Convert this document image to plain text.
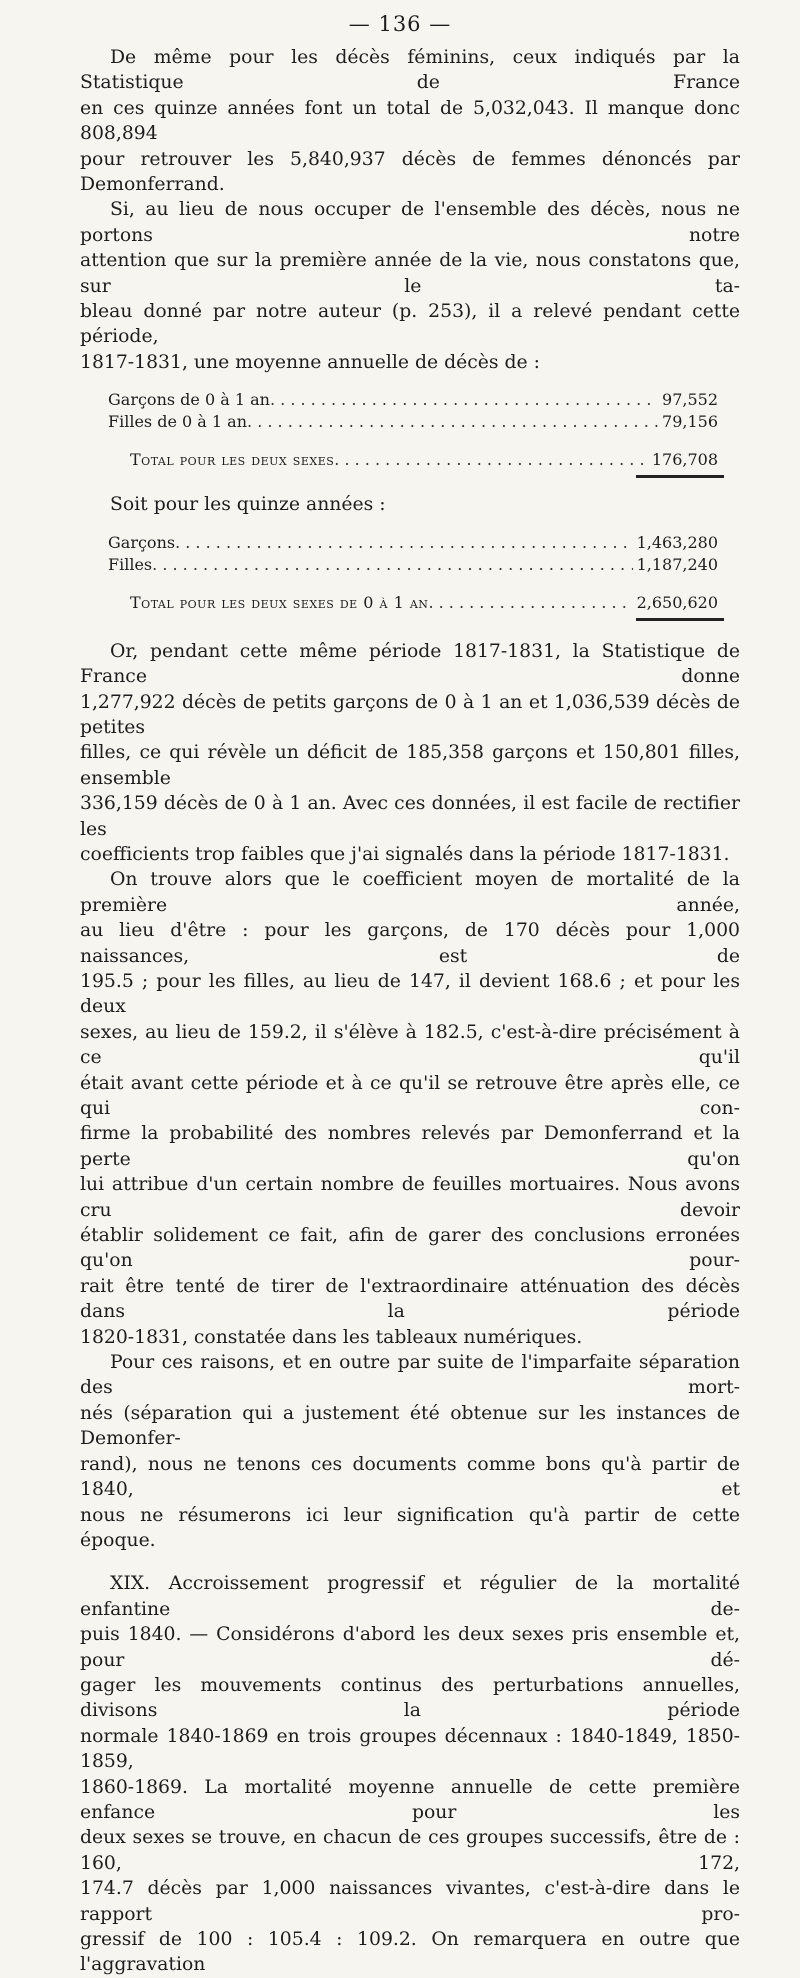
— 136 —

De même pour les décès féminins, ceux indiqués par la Statistique de France

en ces quinze années font un total de 5,032,043. Il manque donc 808,894

pour retrouver les 5,840,937 décès de femmes dénoncés par Demonferrand.

Si, au lieu de nous occuper de l'ensemble des décès, nous ne portons notre

attention que sur la première année de la vie, nous constatons que, sur le ta-

bleau donné par notre auteur (p. 253), il a relevé pendant cette période,

1817-1831, une moyenne annuelle de décès de :

Garçons de 0 à 1 an . . .	97,552
Filles de 0 à 1 an . . .	79,156
Total pour les deux sexes . . .	176,708

Soit pour les quinze années :

Garçons . . .	1,463,280
Filles . . .	1,187,240
Total pour les deux sexes de 0 à 1 an . . .	2,650,620

Or, pendant cette même période 1817-1831, la Statistique de France donne

1,277,922 décès de petits garçons de 0 à 1 an et 1,036,539 décès de petites

filles, ce qui révèle un déficit de 185,358 garçons et 150,801 filles, ensemble

336,159 décès de 0 à 1 an. Avec ces données, il est facile de rectifier les

coefficients trop faibles que j'ai signalés dans la période 1817-1831.

On trouve alors que le coefficient moyen de mortalité de la première année,

au lieu d'être : pour les garçons, de 170 décès pour 1,000 naissances, est de

195.5 ; pour les filles, au lieu de 147, il devient 168.6 ; et pour les deux

sexes, au lieu de 159.2, il s'élève à 182.5, c'est-à-dire précisément à ce qu'il

était avant cette période et à ce qu'il se retrouve être après elle, ce qui con-

firme la probabilité des nombres relevés par Demonferrand et la perte qu'on

lui attribue d'un certain nombre de feuilles mortuaires. Nous avons cru devoir

établir solidement ce fait, afin de garer des conclusions erronées qu'on pour-

rait être tenté de tirer de l'extraordinaire atténuation des décès dans la période

1820-1831, constatée dans les tableaux numériques.

Pour ces raisons, et en outre par suite de l'imparfaite séparation des mort-

nés (séparation qui a justement été obtenue sur les instances de Demonfer-

rand), nous ne tenons ces documents comme bons qu'à partir de 1840, et

nous ne résumerons ici leur signification qu'à partir de cette époque.

XIX. Accroissement progressif et régulier de la mortalité enfantine de-

puis 1840. — Considérons d'abord les deux sexes pris ensemble et, pour dé-

gager les mouvements continus des perturbations annuelles, divisons la période

normale 1840-1869 en trois groupes décennaux : 1840-1849, 1850-1859,

1860-1869. La mortalité moyenne annuelle de cette première enfance pour les

deux sexes se trouve, en chacun de ces groupes successifs, être de : 160, 172,

174.7 décès par 1,000 naissances vivantes, c'est-à-dire dans le rapport pro-

gressif de 100 : 105.4 : 109.2. On remarquera en outre que l'aggravation
